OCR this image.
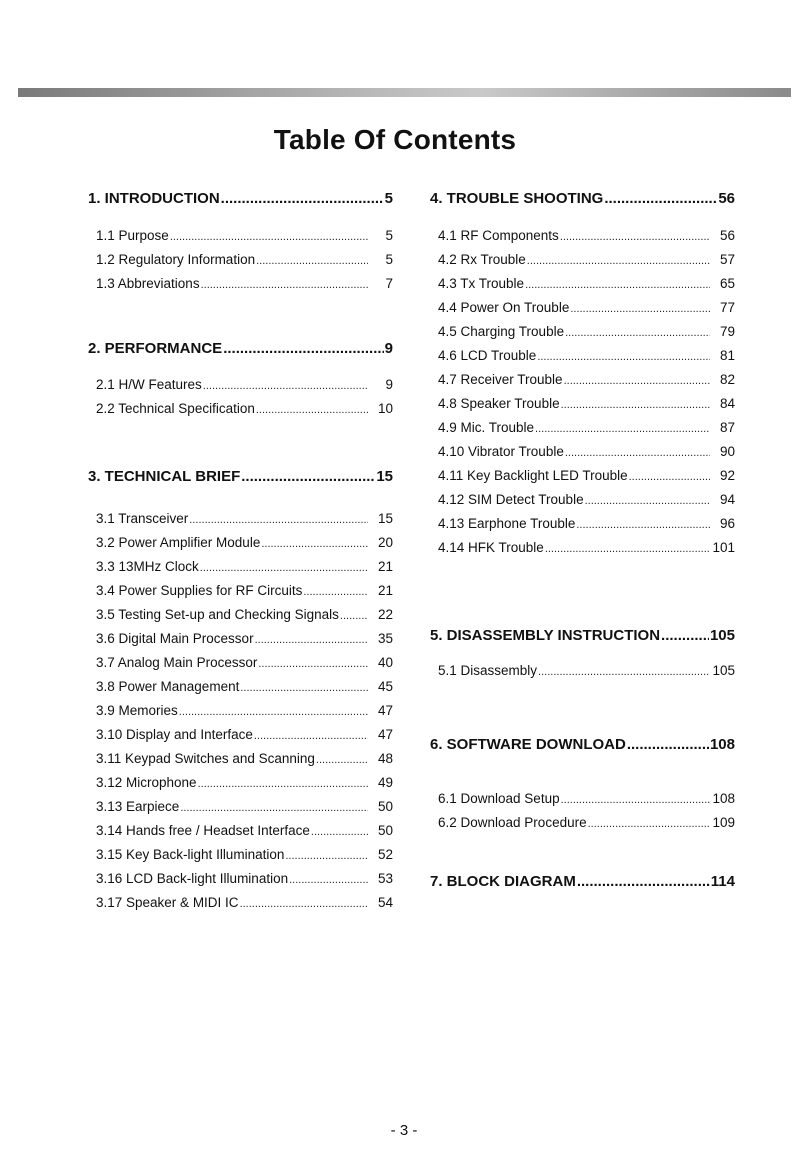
Table Of Contents
1. INTRODUCTION .....	5
1.1 Purpose .....	5
1.2 Regulatory Information .....	5
1.3 Abbreviations .....	7
2. PERFORMANCE .....	9
2.1 H/W Features .....	9
2.2 Technical Specification .....	10
3. TECHNICAL BRIEF .....	15
3.1 Transceiver .....	15
3.2 Power Amplifier Module .....	20
3.3 13MHz Clock .....	21
3.4 Power Supplies for RF Circuits .....	21
3.5 Testing Set-up and Checking Signals .....	22
3.6 Digital Main Processor .....	35
3.7 Analog Main Processor .....	40
3.8 Power Management .....	45
3.9 Memories .....	47
3.10 Display and Interface .....	47
3.11 Keypad Switches and Scanning .....	48
3.12 Microphone .....	49
3.13 Earpiece .....	50
3.14 Hands free / Headset Interface .....	50
3.15 Key Back-light Illumination .....	52
3.16 LCD Back-light Illumination .....	53
3.17 Speaker & MIDI IC .....	54
4. TROUBLE SHOOTING .....	56
4.1 RF Components .....	56
4.2 Rx Trouble .....	57
4.3 Tx Trouble .....	65
4.4 Power On Trouble .....	77
4.5 Charging Trouble .....	79
4.6 LCD Trouble .....	81
4.7 Receiver Trouble .....	82
4.8 Speaker Trouble .....	84
4.9 Mic. Trouble .....	87
4.10 Vibrator Trouble .....	90
4.11 Key Backlight LED Trouble .....	92
4.12 SIM Detect Trouble .....	94
4.13 Earphone Trouble .....	96
4.14 HFK Trouble .....	101
5. DISASSEMBLY INSTRUCTION .....	105
5.1 Disassembly .....	105
6. SOFTWARE DOWNLOAD .....	108
6.1 Download Setup .....	108
6.2 Download Procedure .....	109
7. BLOCK DIAGRAM .....	114
- 3 -
